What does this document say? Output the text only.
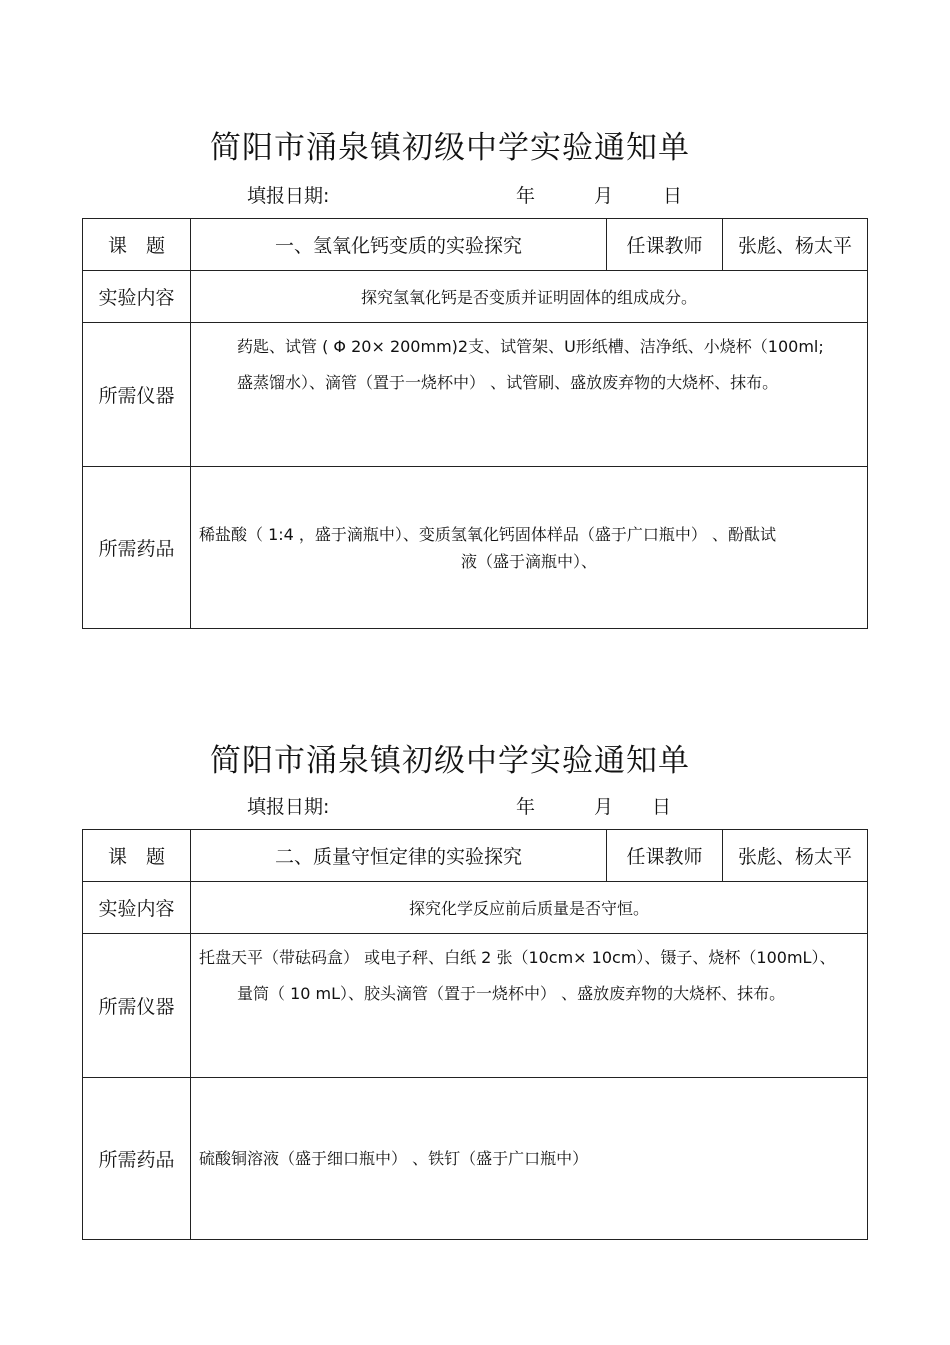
简阳市涌泉镇初级中学实验通知单
填报日期:	年	月	日
课　题	一、氢氧化钙变质的实验探究	任课教师	张彪、杨太平
实验内容	探究氢氧化钙是否变质并证明固体的组成成分。		
所需仪器	药匙、试管 ( Φ 20× 200mm)2支、试管架、U形纸槽、洁净纸、小烧杯（100ml;
盛蒸馏水）、滴管（置于一烧杯中） 、试管刷、盛放废弃物的大烧杯、抹布。		

所需药品	稀盐酸（ 1:4 ，盛于滴瓶中）、变质氢氧化钙固体样品（盛于广口瓶中） 、酚酞试
液（盛于滴瓶中）、		
简阳市涌泉镇初级中学实验通知单
填报日期:	年	月 日
课　题	二、质量守恒定律的实验探究	任课教师	张彪、杨太平
实验内容	探究化学反应前后质量是否守恒。		
所需仪器	托盘天平（带砝码盒） 或电子秤、白纸 2 张（10cm× 10cm）、镊子、烧杯（100mL）、
量筒（ 10 mL）、胶头滴管（置于一烧杯中） 、盛放废弃物的大烧杯、抹布。		

所需药品	硫酸铜溶液（盛于细口瓶中） 、铁钉（盛于广口瓶中）		
